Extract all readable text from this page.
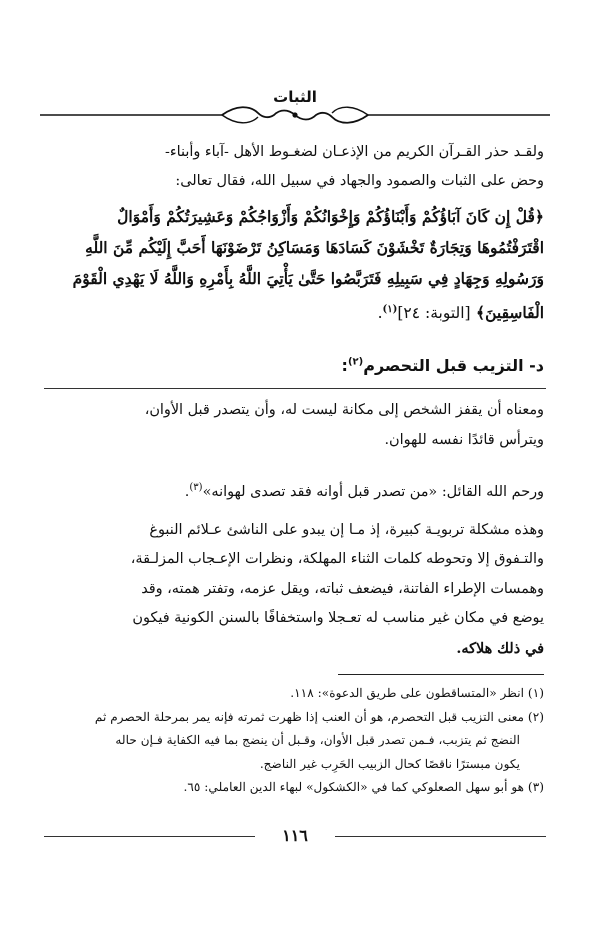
الثبات

ولقـد حذر القـرآن الكريم من الإذعـان لضغـوط الأهل -آباء وأبناء-

وحض على الثبات والصمود والجهاد في سبيل الله، فقال تعالى:

﴿قُلْ إِن كَانَ آبَاؤُكُمْ وَأَبْنَاؤُكُمْ وَإِخْوَانُكُمْ وَأَزْوَاجُكُمْ وَعَشِيرَتُكُمْ وَأَمْوَالٌ
اقْتَرَفْتُمُوهَا وَتِجَارَةٌ تَخْشَوْنَ كَسَادَهَا وَمَسَاكِنُ تَرْضَوْنَهَا أَحَبَّ إِلَيْكُم مِّنَ اللَّهِ
وَرَسُولِهِ وَجِهَادٍ فِي سَبِيلِهِ فَتَرَبَّصُوا حَتَّىٰ يَأْتِيَ اللَّهُ بِأَمْرِهِ وَاللَّهُ لَا يَهْدِي الْقَوْمَ
الْفَاسِقِينَ﴾ [التوبة: ٢٤]$^{(١)}$.
د- التزيب قبل التحصرم$^{(٢)}$:
ومعناه أن يقفز الشخص إلى مكانة ليست له، وأن يتصدر قبل الأوان،
ويترأس قائدًا نفسه للهوان.
ورحم الله القائل: «من تصدر قبل أوانه فقد تصدى لهوانه»$^{(٣)}$.
وهذه مشكلة تربويـة كبيرة، إذ مـا إن يبدو على الناشئ عـلائم النبوغ
والتـفوق إلا وتحوطه كلمات الثناء المهلكة، ونظرات الإعـجاب المزلـقة،
وهمسات الإطراء الفاتنة، فيضعف ثباته، ويقل عزمه، وتفتر همته، وقد
يوضع في مكان غير مناسب له تعـجلا واستخفافًا بالسنن الكونية فيكون
في ذلك هلاكه.

(١) انظر «المتساقطون على طريق الدعوة»: ١١٨.

(٢) معنى التزيب قبل التحصرم، هو أن العنب إذا ظهرت ثمرته فإنه يمر بمرحلة الحصرم ثم

النضج ثم يتزبب، فـمن تصدر قبل الأوان، وقـبل أن ينضج بما فيه الكفاية فـإن حاله

يكون مبسترًا ناقصًا كحال الزبيب الحَرِب غير الناضج.

(٣) هو أبو سهل الصعلوكي كما في «الكشكول» لبهاء الدين العاملي: ٦٥.

١١٦
